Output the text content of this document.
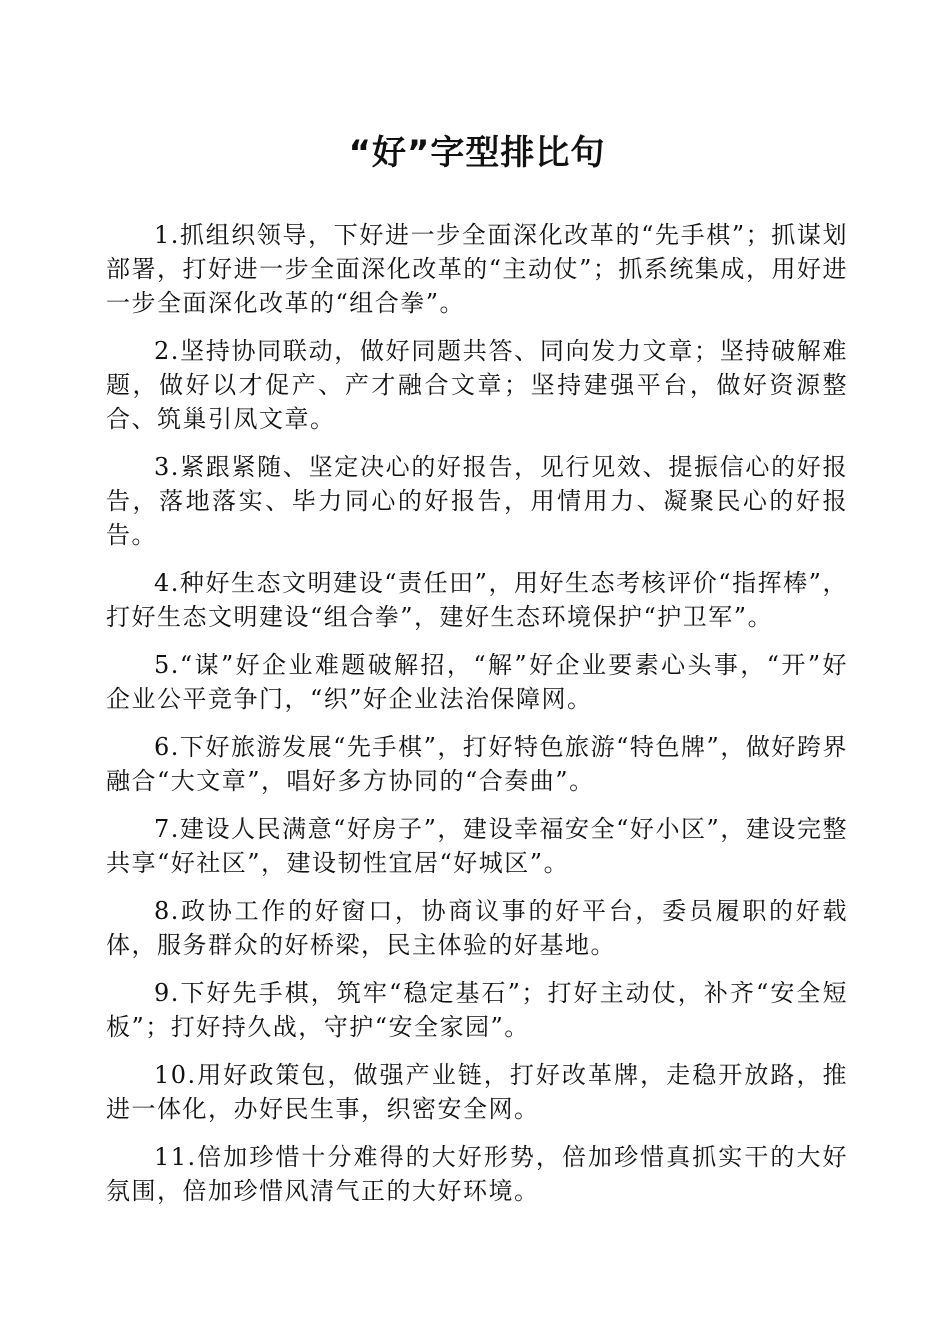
“好”字型排比句

1.抓组织领导，下好进一步全面深化改革的“先手棋”；抓谋划部署，打好进一步全面深化改革的“主动仗”；抓系统集成，用好进一步全面深化改革的“组合拳”。

2.坚持协同联动，做好同题共答、同向发力文章；坚持破解难题，做好以才促产、产才融合文章；坚持建强平台，做好资源整合、筑巢引凤文章。

3.紧跟紧随、坚定决心的好报告，见行见效、提振信心的好报告，落地落实、毕力同心的好报告，用情用力、凝聚民心的好报告。

4.种好生态文明建设“责任田”，用好生态考核评价“指挥棒”，打好生态文明建设“组合拳”，建好生态环境保护“护卫军”。

5.“谋”好企业难题破解招，“解”好企业要素心头事，“开”好企业公平竞争门，“织”好企业法治保障网。

6.下好旅游发展“先手棋”，打好特色旅游“特色牌”，做好跨界融合“大文章”，唱好多方协同的“合奏曲”。

7.建设人民满意“好房子”，建设幸福安全“好小区”，建设完整共享“好社区”，建设韧性宜居“好城区”。

8.政协工作的好窗口，协商议事的好平台，委员履职的好载体，服务群众的好桥梁，民主体验的好基地。

9.下好先手棋，筑牢“稳定基石”；打好主动仗，补齐“安全短板”；打好持久战，守护“安全家园”。

10.用好政策包，做强产业链，打好改革牌，走稳开放路，推进一体化，办好民生事，织密安全网。

11.倍加珍惜十分难得的大好形势，倍加珍惜真抓实干的大好氛围，倍加珍惜风清气正的大好环境。
